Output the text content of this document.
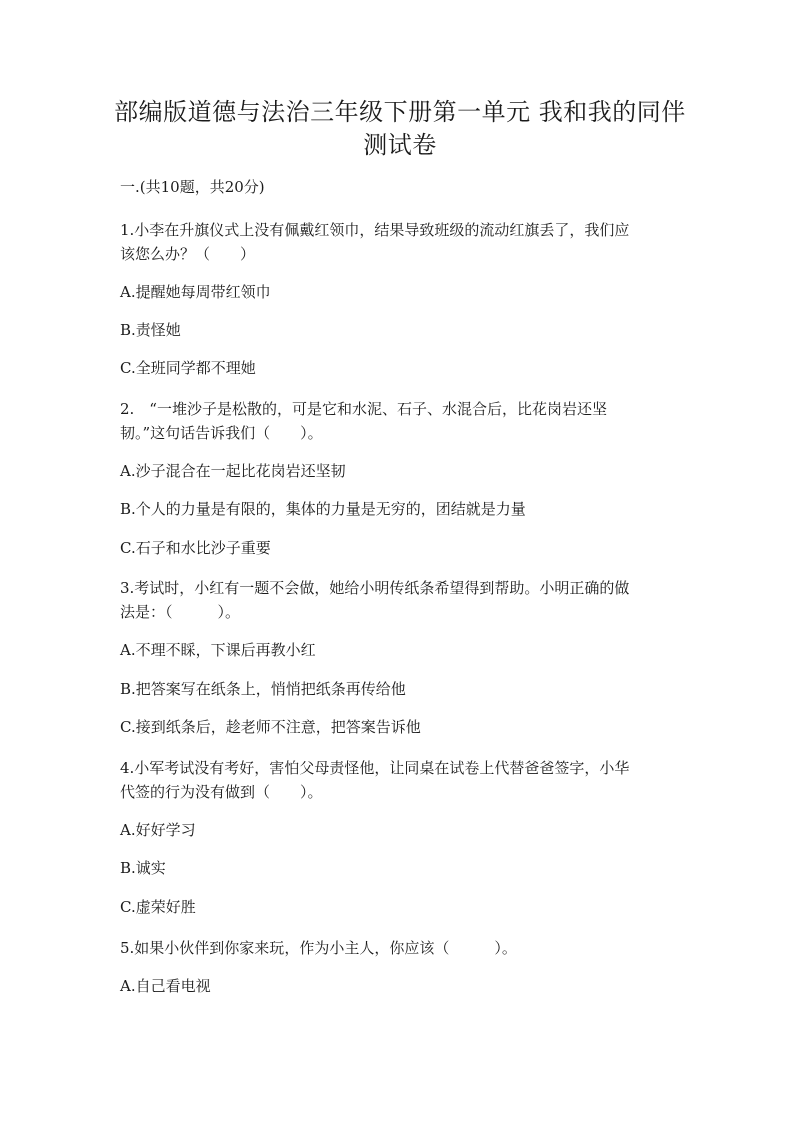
部编版道德与法治三年级下册第一单元 我和我的同伴 测试卷

一.(共10题，共20分)

1.小李在升旗仪式上没有佩戴红领巾，结果导致班级的流动红旗丢了，我们应

该您么办？（　　）

A.提醒她每周带红领巾

B.责怪她

C.全班同学都不理她

2.　“一堆沙子是松散的，可是它和水泥、石子、水混合后，比花岗岩还坚

韧。”这句话告诉我们（　　）。

A.沙子混合在一起比花岗岩还坚韧

B.个人的力量是有限的，集体的力量是无穷的，团结就是力量

C.石子和水比沙子重要

3.考试时，小红有一题不会做，她给小明传纸条希望得到帮助。小明正确的做

法是：（　　　）。

A.不理不睬，下课后再教小红

B.把答案写在纸条上，悄悄把纸条再传给他

C.接到纸条后，趁老师不注意，把答案告诉他

4.小军考试没有考好，害怕父母责怪他，让同桌在试卷上代替爸爸签字，小华

代签的行为没有做到（　　）。

A.好好学习

B.诚实

C.虚荣好胜

5.如果小伙伴到你家来玩，作为小主人，你应该（　　　）。

A.自己看电视
